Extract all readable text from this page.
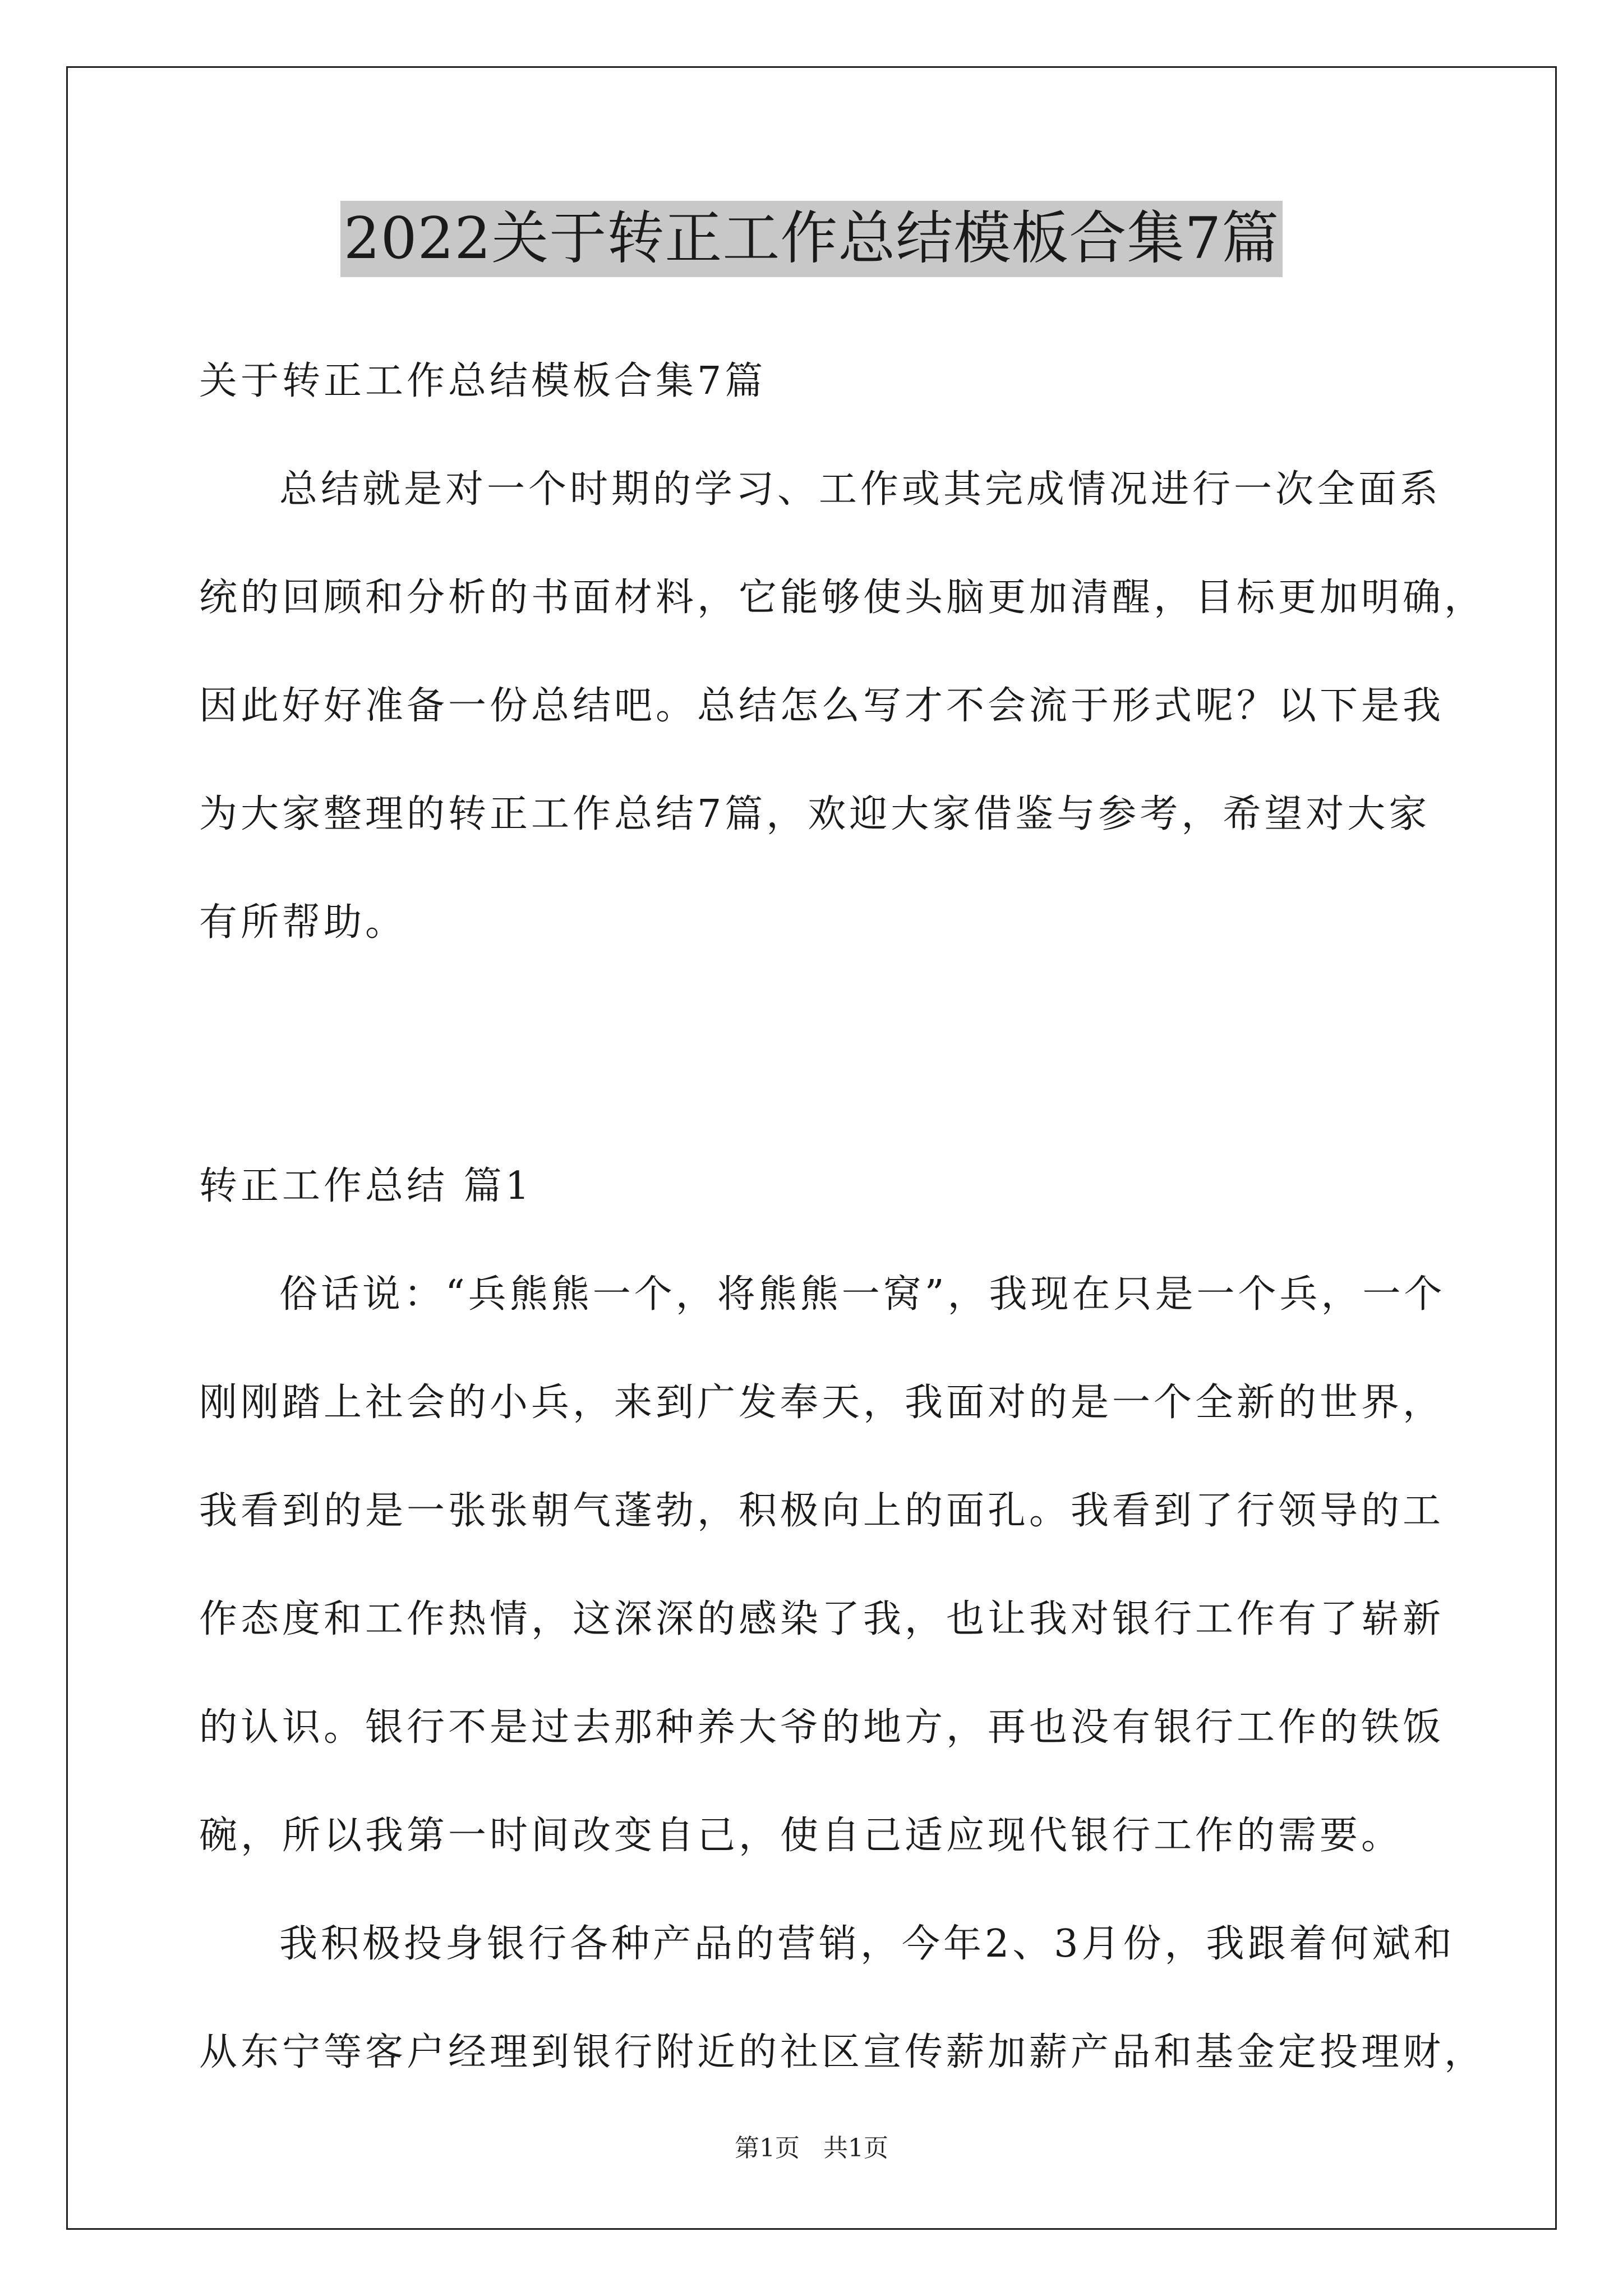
2022关于转正工作总结模板合集7篇
关于转正工作总结模板合集7篇
总结就是对一个时期的学习、工作或其完成情况进行一次全面系
统的回顾和分析的书面材料，它能够使头脑更加清醒，目标更加明确，
因此好好准备一份总结吧。总结怎么写才不会流于形式呢？以下是我
为大家整理的转正工作总结7篇，欢迎大家借鉴与参考，希望对大家
有所帮助。
转正工作总结 篇1
俗话说：“兵熊熊一个，将熊熊一窝”，我现在只是一个兵，一个
刚刚踏上社会的小兵，来到广发奉天，我面对的是一个全新的世界，
我看到的是一张张朝气蓬勃，积极向上的面孔。我看到了行领导的工
作态度和工作热情，这深深的感染了我，也让我对银行工作有了崭新
的认识。银行不是过去那种养大爷的地方，再也没有银行工作的铁饭
碗，所以我第一时间改变自己，使自己适应现代银行工作的需要。
我积极投身银行各种产品的营销，今年2、3月份，我跟着何斌和
从东宁等客户经理到银行附近的社区宣传薪加薪产品和基金定投理财，
第1页   共1页
